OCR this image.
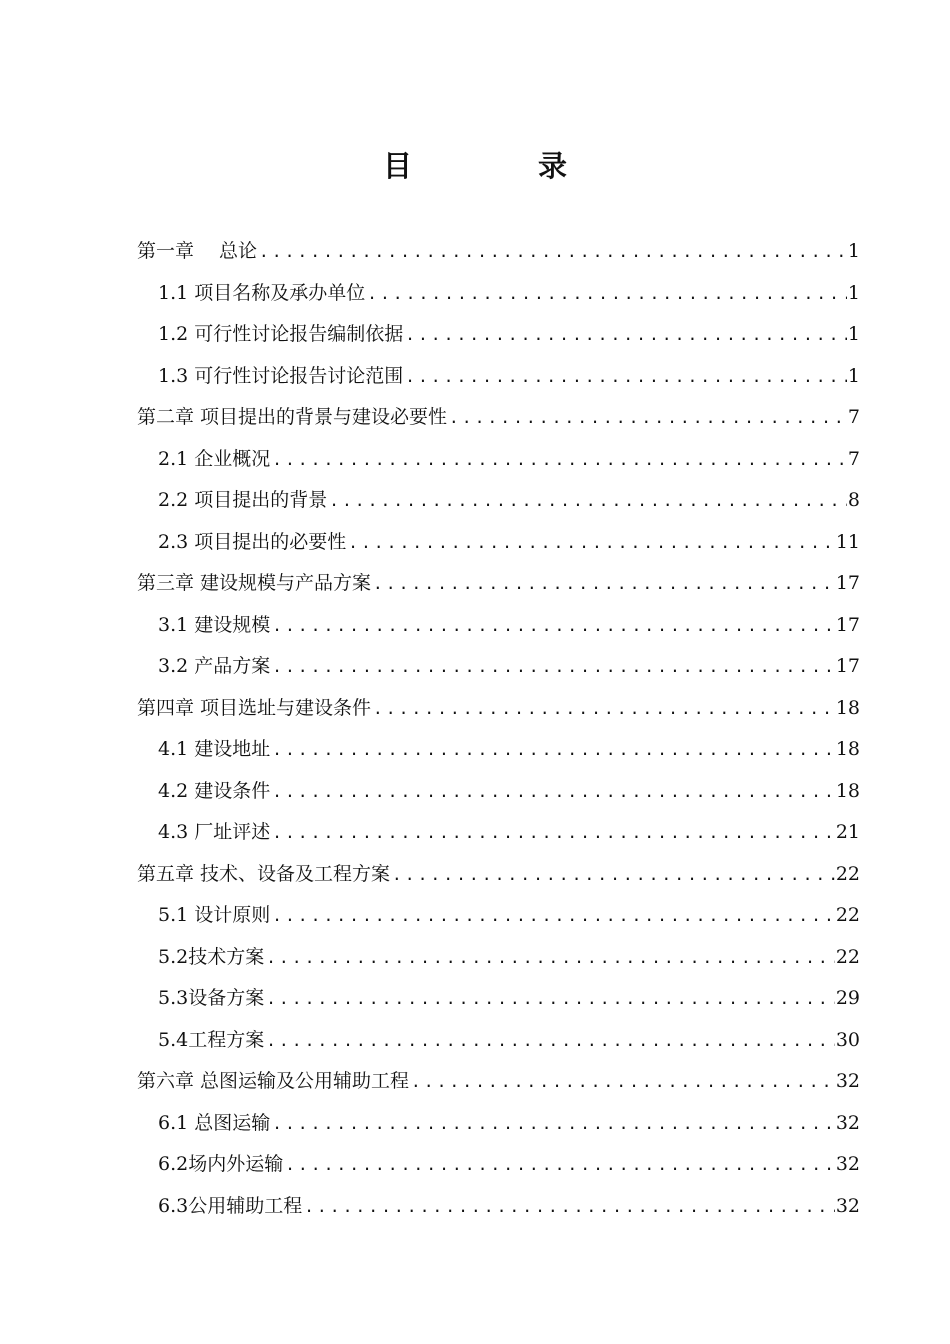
目 录
第一章　 总论 .....	1
1.1 项目名称及承办单位 .....	1
1.2 可行性讨论报告编制依据 .....	1
1.3 可行性讨论报告讨论范围 .....	1
第二章 项目提出的背景与建设必要性 .....	7
2.1 企业概况 .....	7
2.2 项目提出的背景 .....	8
2.3 项目提出的必要性 .....	11
第三章 建设规模与产品方案 .....	17
3.1 建设规模 .....	17
3.2 产品方案 .....	17
第四章 项目选址与建设条件 .....	18
4.1 建设地址 .....	18
4.2 建设条件 .....	18
4.3 厂址评述 .....	21
第五章 技术、设备及工程方案 .....	22
5.1 设计原则 .....	22
5.2技术方案 .....	22
5.3设备方案 .....	29
5.4工程方案 .....	30
第六章 总图运输及公用辅助工程 .....	32
6.1 总图运输 .....	32
6.2场内外运输 .....	32
6.3公用辅助工程 .....	32
